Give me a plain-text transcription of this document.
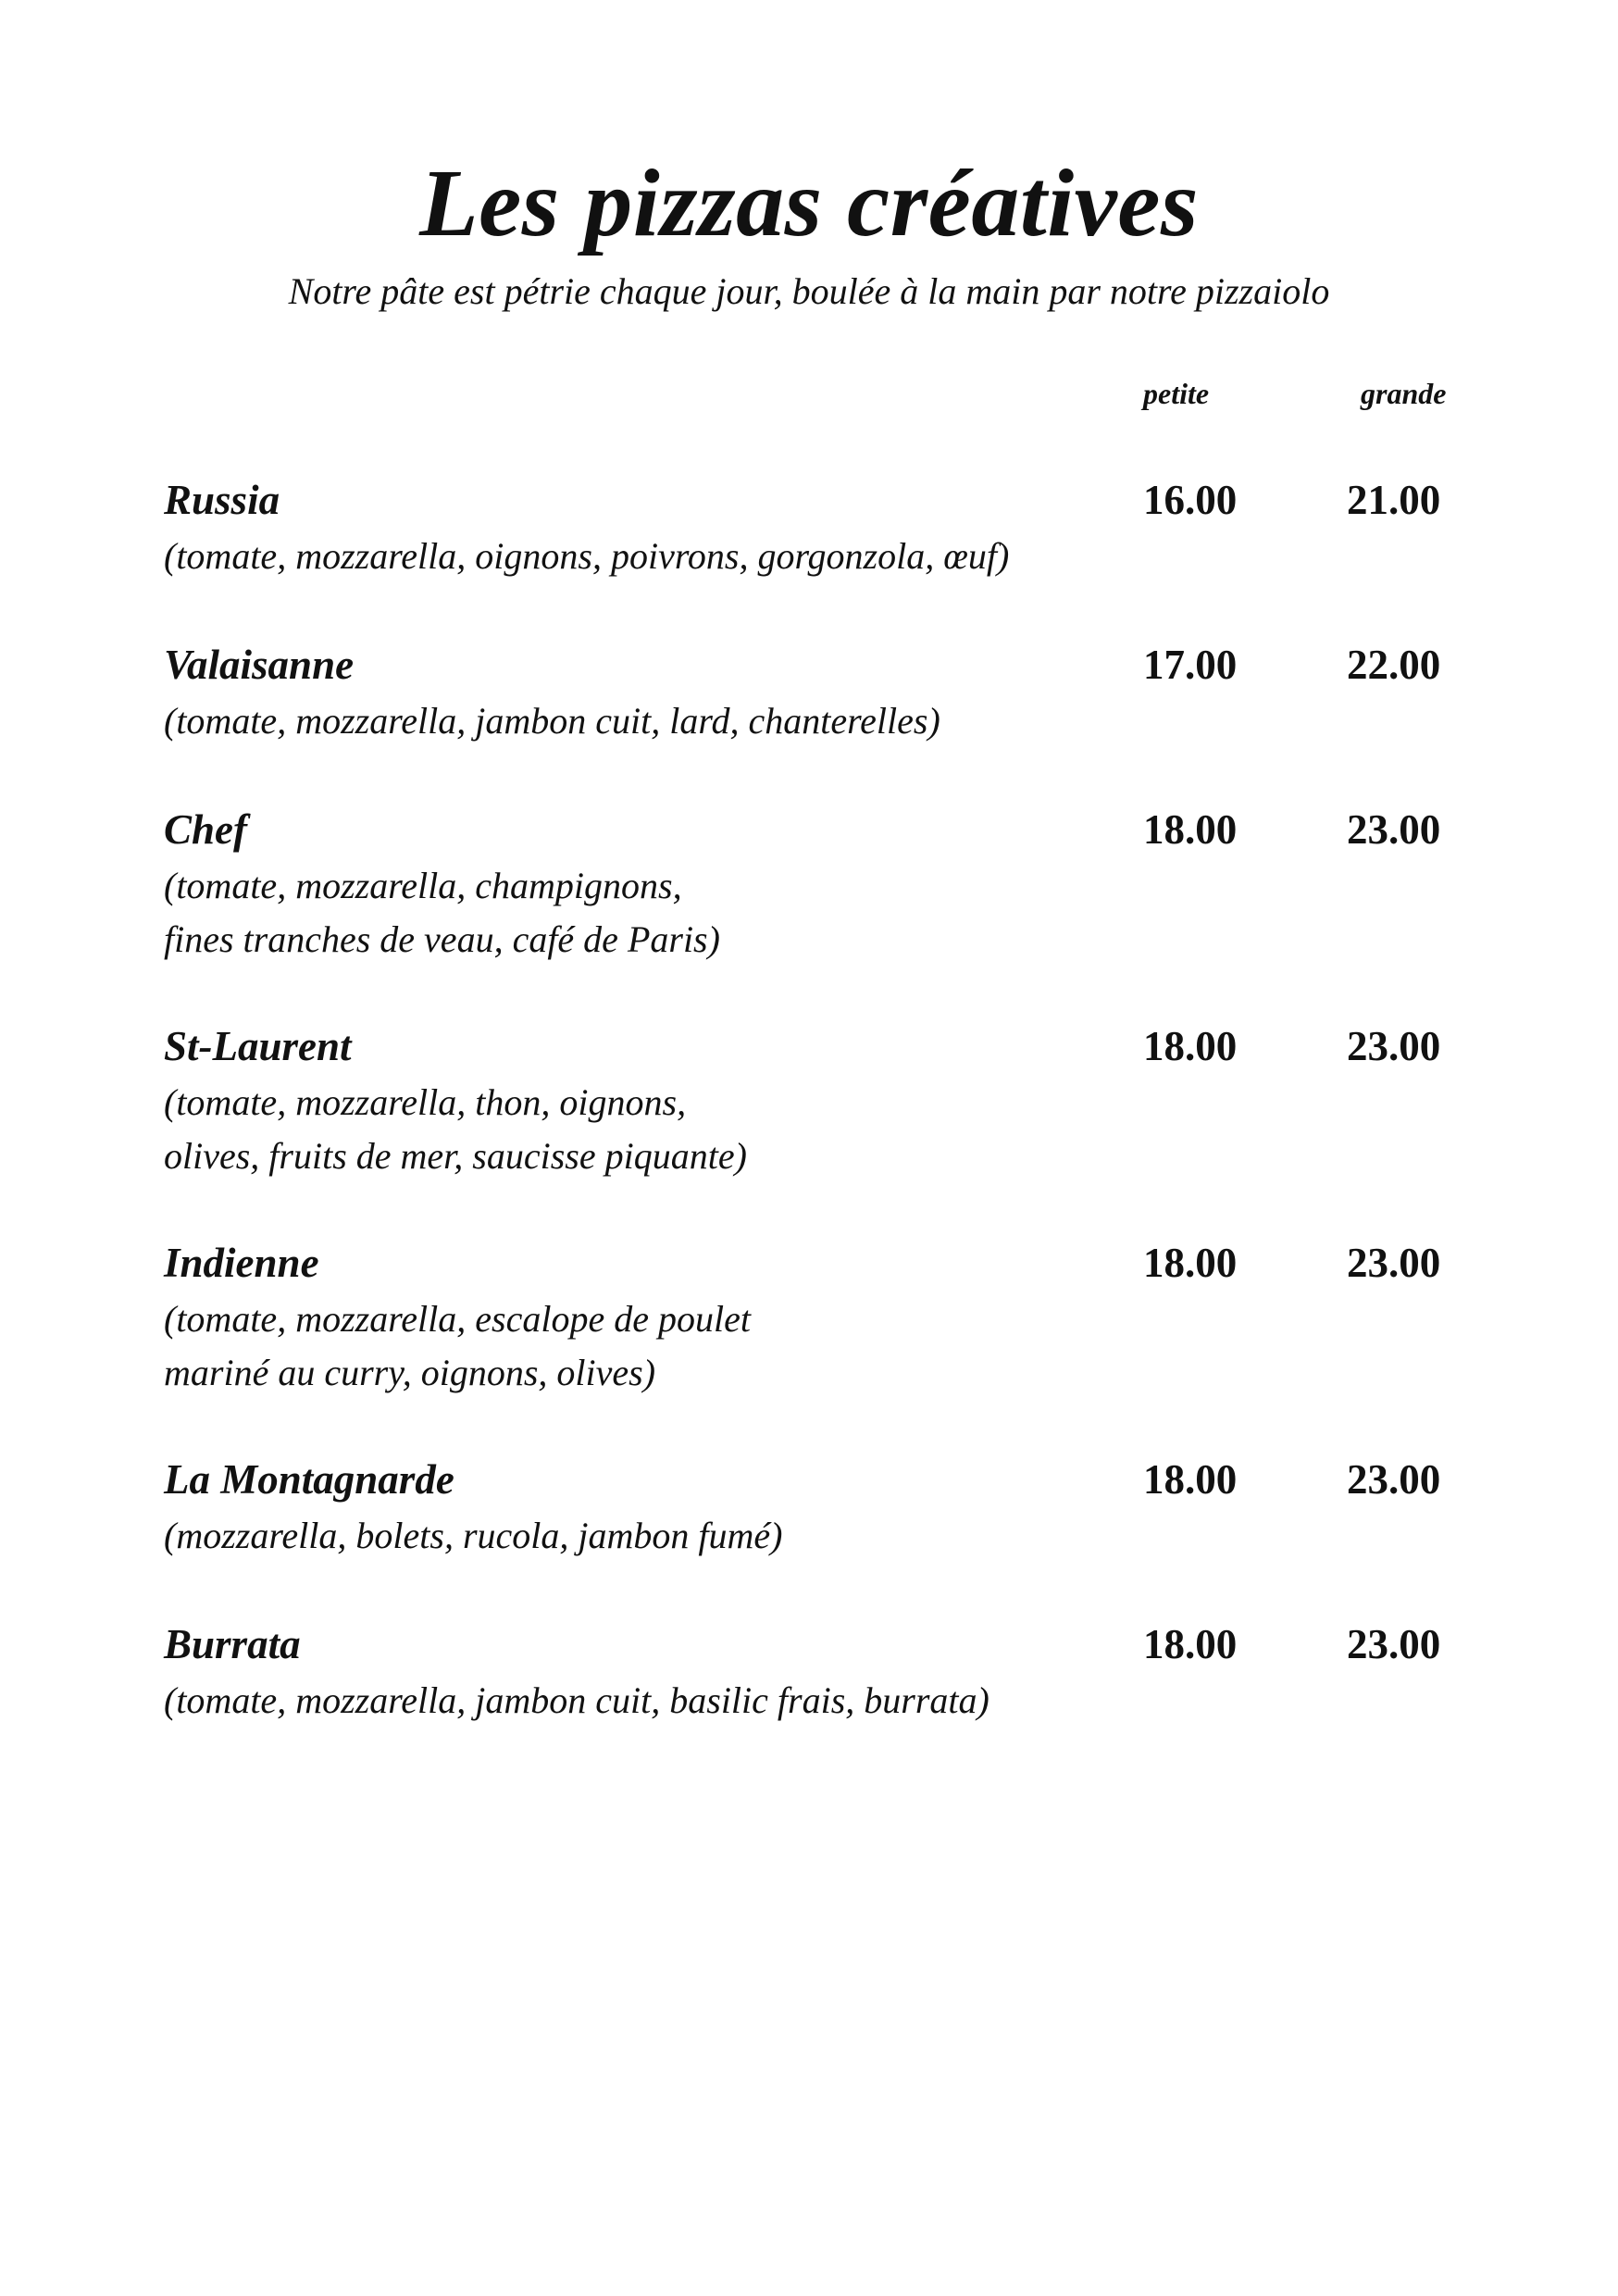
Les pizzas créatives
Notre pâte est pétrie chaque jour, boulée à la main par notre pizzaiolo
petite	grande
Russia
(tomate, mozzarella, oignons, poivrons, gorgonzola, œuf)
16.00	21.00
Valaisanne
(tomate, mozzarella, jambon cuit, lard, chanterelles)
17.00	22.00
Chef
(tomate, mozzarella, champignons,
fines tranches de veau, café de Paris)
18.00	23.00
St-Laurent
(tomate, mozzarella, thon, oignons,
olives, fruits de mer, saucisse piquante)
18.00	23.00
Indienne
(tomate, mozzarella, escalope de poulet
mariné au curry, oignons, olives)
18.00	23.00
La Montagnarde
(mozzarella, bolets, rucola, jambon fumé)
18.00	23.00
Burrata
(tomate, mozzarella, jambon cuit, basilic frais, burrata)
18.00	23.00
